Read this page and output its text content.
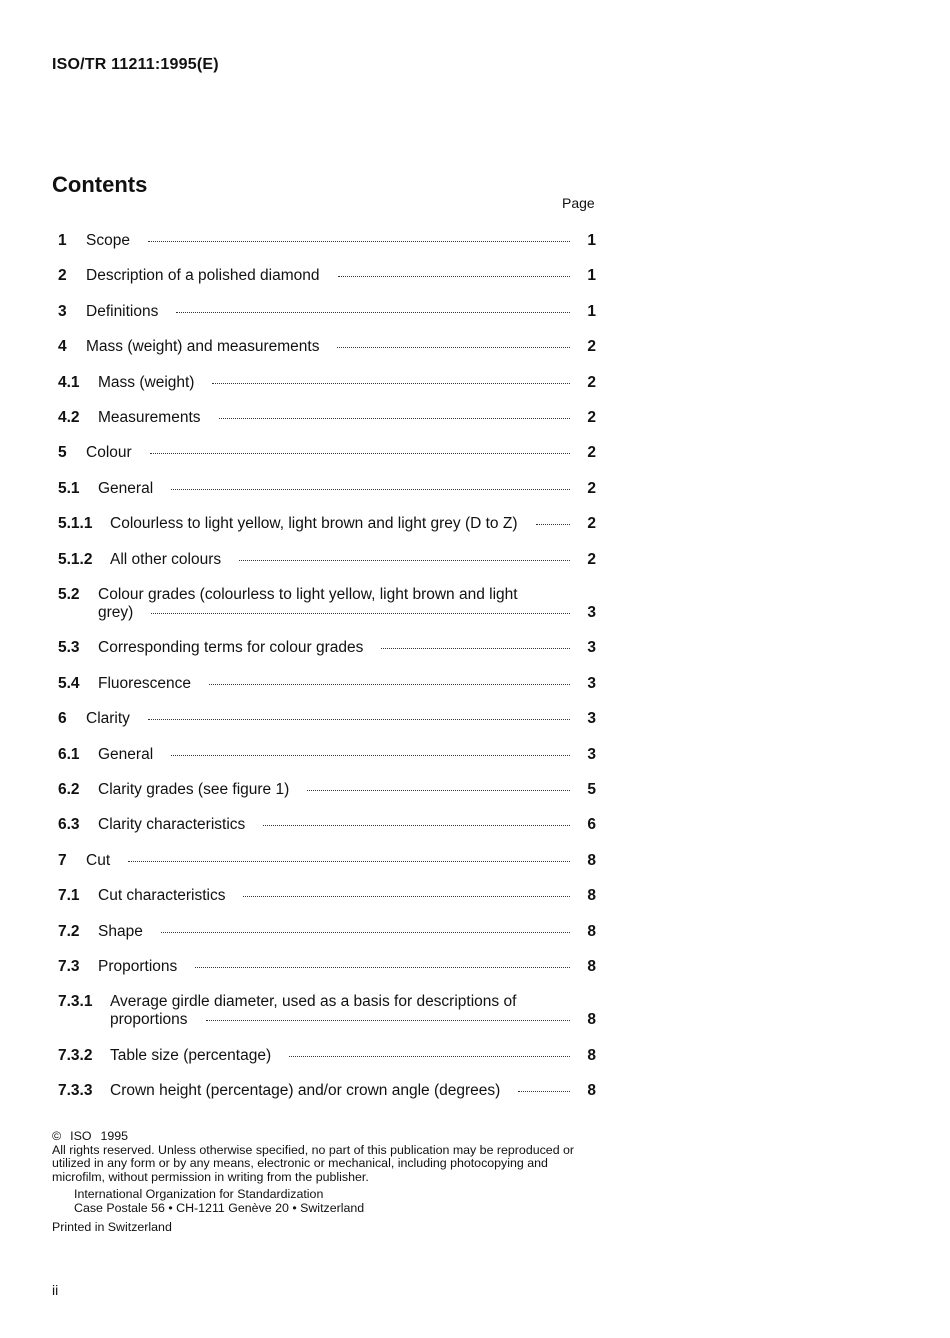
ISO/TR 11211:1995(E)
Contents
Page
1 Scope	1
2 Description of a polished diamond	1
3 Definitions	1
4 Mass (weight) and measurements	2
4.1 Mass (weight)	2
4.2 Measurements	2
5 Colour	2
5.1 General	2
5.1.1 Colourless to light yellow, light brown and light grey (D to Z)	2
5.1.2 All other colours	2
5.2 Colour grades (colourless to light yellow, light brown and light
grey)	3
5.3 Corresponding terms for colour grades	3
5.4 Fluorescence	3
6 Clarity	3
6.1 General	3
6.2 Clarity grades (see figure 1)	5
6.3 Clarity characteristics	6
7 Cut	8
7.1 Cut characteristics	8
7.2 Shape	8
7.3 Proportions	8
7.3.1 Average girdle diameter, used as a basis for descriptions of
proportions	8
7.3.2 Table size (percentage)	8
7.3.3 Crown height (percentage) and/or crown angle (degrees)	8

© ISO 1995

All rights reserved. Unless otherwise specified, no part of this publication may be reproduced or utilized in any form or by any means, electronic or mechanical, including photocopying and microfilm, without permission in writing from the publisher.

International Organization for Standardization

Case Postale 56 • CH-1211 Genève 20 • Switzerland

Printed in Switzerland

ii
